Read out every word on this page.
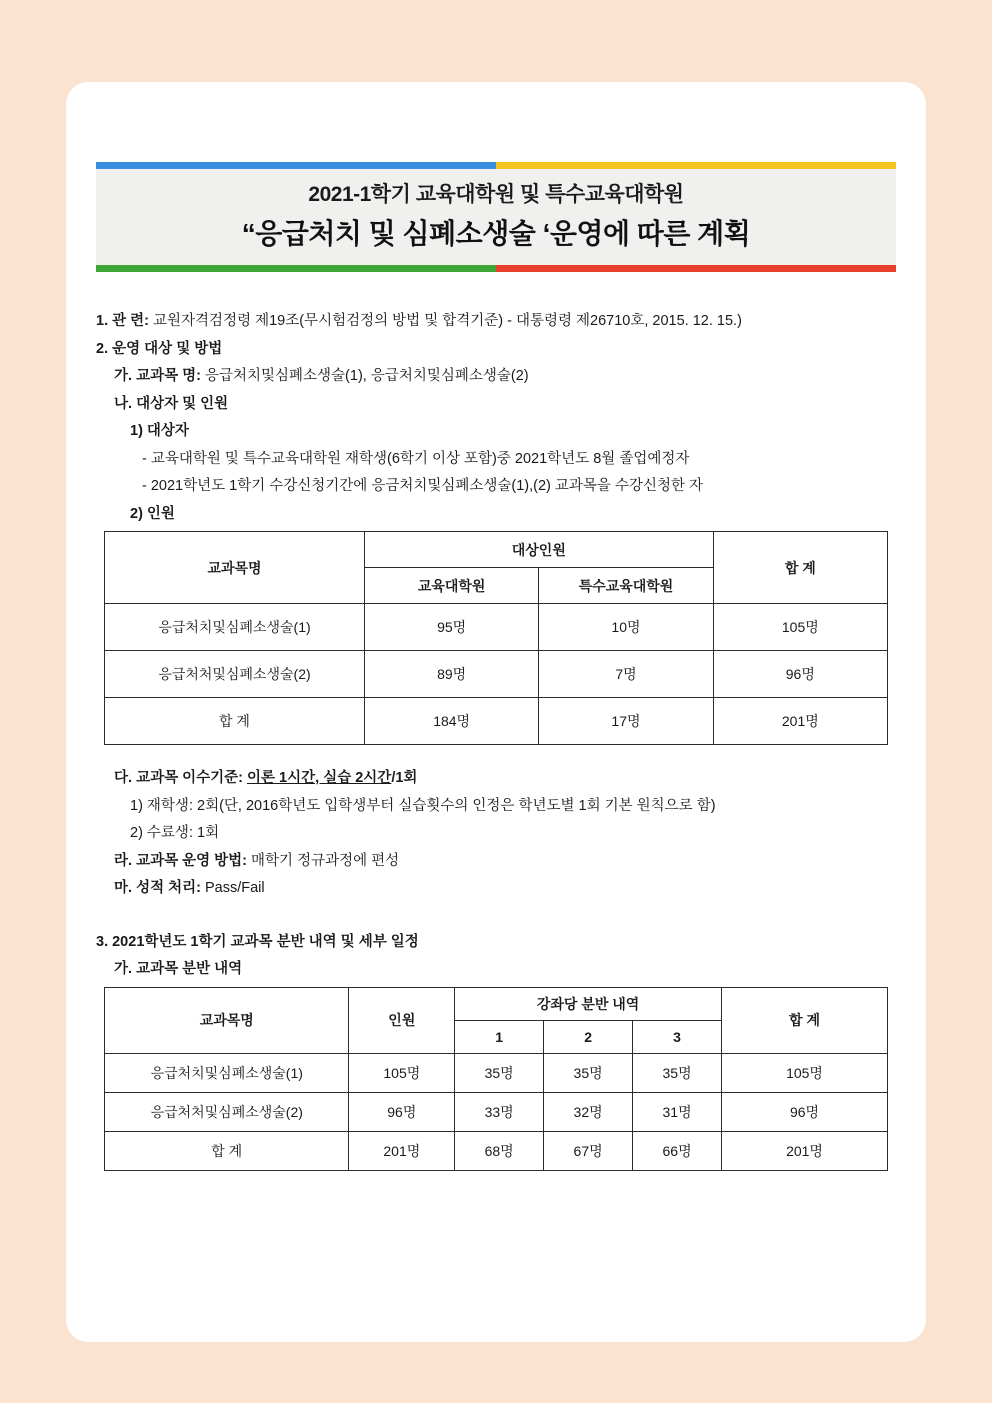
2021-1학기 교육대학원 및 특수교육대학원
“응급처치 및 심폐소생술 ‘운영에 따른 계획
1. 관 련: 교원자격검정령 제19조(무시험검정의 방법 및 합격기준) - 대통령령 제26710호, 2015. 12. 15.)
2. 운영 대상 및 방법
가. 교과목 명: 응급처치및심폐소생술(1), 응급처치및심폐소생술(2)
나. 대상자 및 인원
1) 대상자
- 교육대학원 및 특수교육대학원 재학생(6학기 이상 포함)중 2021학년도 8월 졸업예정자
- 2021학년도 1학기 수강신청기간에 응금처치및심폐소생술(1),(2) 교과목을 수강신청한 자
2) 인원
교과목명	대상인원		합 계
	교육대학원	특수교육대학원	
응급처치및심폐소생술(1)	95명	10명	105명
응급처처및심폐소생술(2)	89명	7명	96명
합 계	184명	17명	201명
다. 교과목 이수기준: 이론 1시간, 실습 2시간/1회
1) 재학생: 2회(단, 2016학년도 입학생부터 실습횟수의 인정은 학년도별 1회 기본 원칙으로 함)
2) 수료생: 1회
라. 교과목 운영 방법: 매학기 정규과정에 편성
마. 성적 처리: Pass/Fail
3. 2021학년도 1학기 교과목 분반 내역 및 세부 일정
가. 교과목 분반 내역
교과목명	인원	강좌당 분반 내역			합 계
		1	2	3	
응급처치및심폐소생술(1)	105명	35명	35명	35명	105명
응급처처및심폐소생술(2)	96명	33명	32명	31명	96명
합 계	201명	68명	67명	66명	201명
